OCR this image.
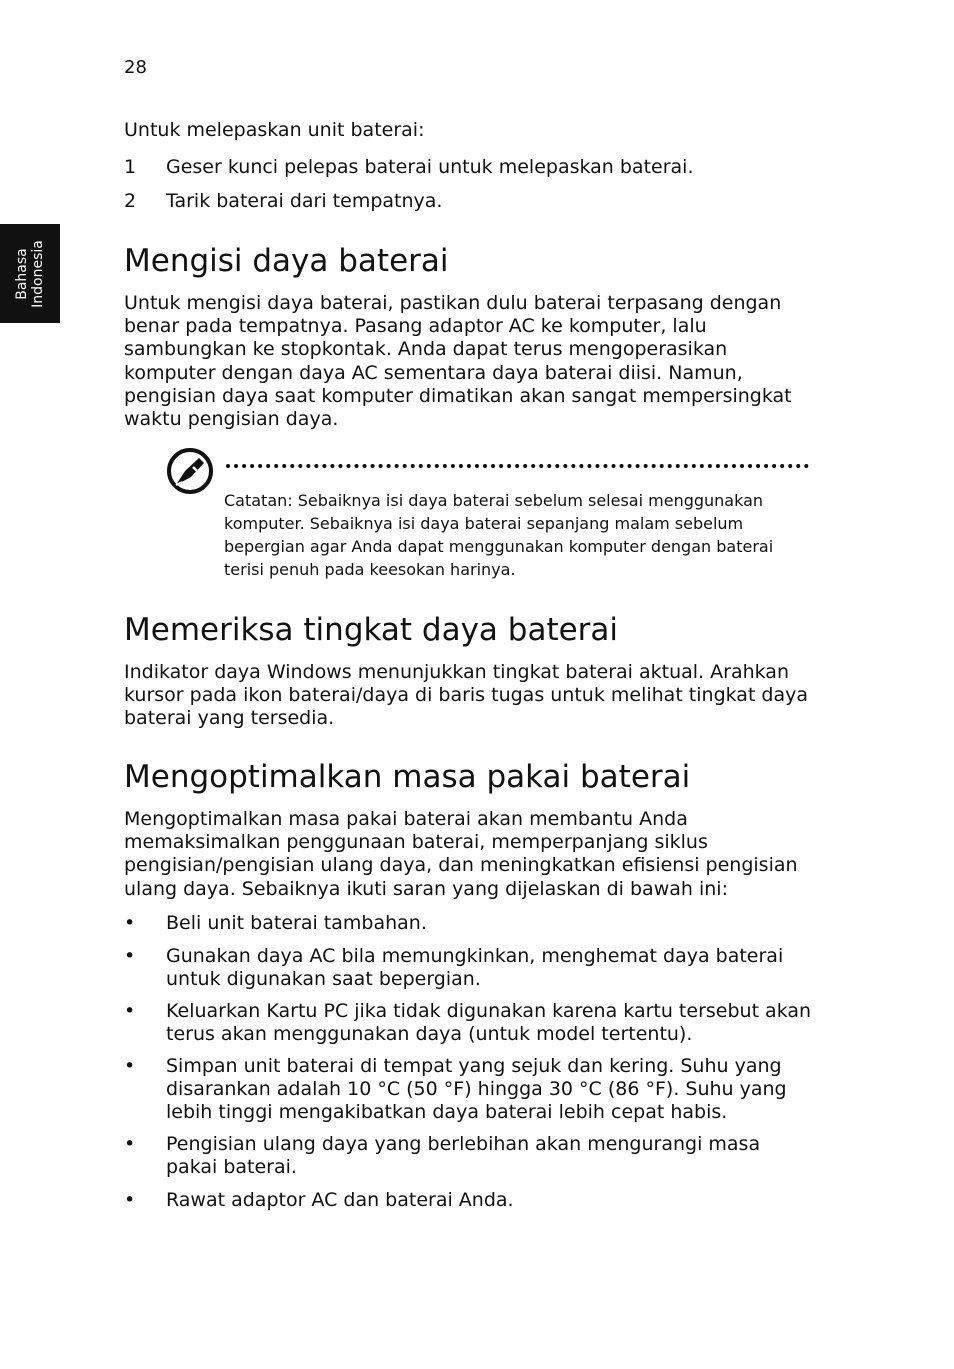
28
Bahasa Indonesia
Untuk melepaskan unit baterai:
1 Geser kunci pelepas baterai untuk melepaskan baterai.
2 Tarik baterai dari tempatnya.
Mengisi daya baterai
Untuk mengisi daya baterai, pastikan dulu baterai terpasang dengan benar pada tempatnya. Pasang adaptor AC ke komputer, lalu sambungkan ke stopkontak. Anda dapat terus mengoperasikan komputer dengan daya AC sementara daya baterai diisi. Namun, pengisian daya saat komputer dimatikan akan sangat mempersingkat waktu pengisian daya.
Catatan: Sebaiknya isi daya baterai sebelum selesai menggunakan komputer. Sebaiknya isi daya baterai sepanjang malam sebelum bepergian agar Anda dapat menggunakan komputer dengan baterai terisi penuh pada keesokan harinya.
Memeriksa tingkat daya baterai
Indikator daya Windows menunjukkan tingkat baterai aktual. Arahkan kursor pada ikon baterai/daya di baris tugas untuk melihat tingkat daya baterai yang tersedia.
Mengoptimalkan masa pakai baterai
Mengoptimalkan masa pakai baterai akan membantu Anda memaksimalkan penggunaan baterai, memperpanjang siklus pengisian/pengisian ulang daya, dan meningkatkan efisiensi pengisian ulang daya. Sebaiknya ikuti saran yang dijelaskan di bawah ini:
• Beli unit baterai tambahan.
• Gunakan daya AC bila memungkinkan, menghemat daya baterai untuk digunakan saat bepergian.
• Keluarkan Kartu PC jika tidak digunakan karena kartu tersebut akan terus akan menggunakan daya (untuk model tertentu).
• Simpan unit baterai di tempat yang sejuk dan kering. Suhu yang disarankan adalah 10 °C (50 °F) hingga 30 °C (86 °F). Suhu yang lebih tinggi mengakibatkan daya baterai lebih cepat habis.
• Pengisian ulang daya yang berlebihan akan mengurangi masa pakai baterai.
• Rawat adaptor AC dan baterai Anda.
